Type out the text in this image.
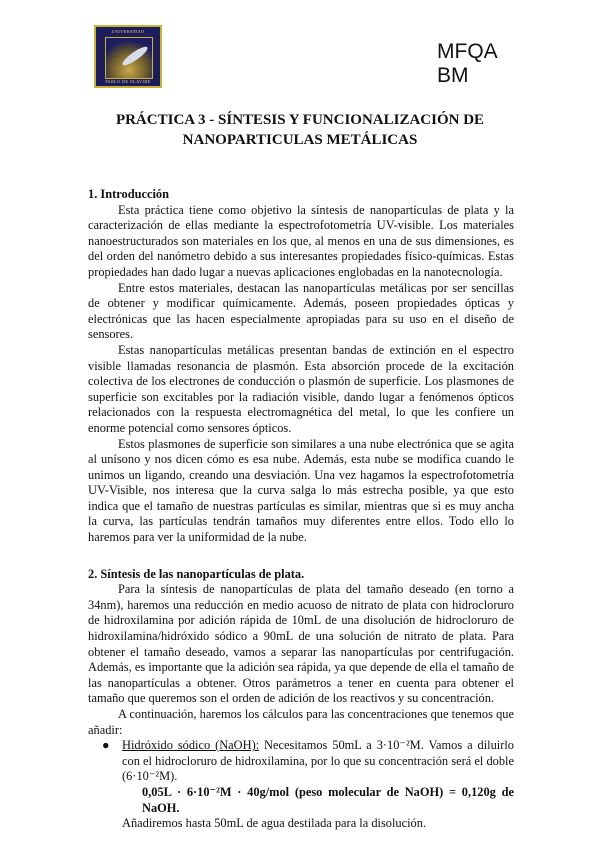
UNIVERSIDAD
PABLO DE OLAVIDE
MFQA
BM
PRÁCTICA 3 - SÍNTESIS Y FUNCIONALIZACIÓN DE
NANOPARTICULAS METÁLICAS
1. Introducción

Esta práctica tiene como objetivo la síntesis de nanopartículas de plata y la caracterización de ellas mediante la espectrofotometría UV-visible. Los materiales nanoestructurados son materiales en los que, al menos en una de sus dimensiones, es del orden del nanómetro debido a sus interesantes propiedades físico-químicas. Estas propiedades han dado lugar a nuevas aplicaciones englobadas en la nanotecnología.

Entre estos materiales, destacan las nanopartículas metálicas por ser sencillas de obtener y modificar químicamente. Además, poseen propiedades ópticas y electrónicas que las hacen especialmente apropiadas para su uso en el diseño de sensores.

Estas nanopartículas metálicas presentan bandas de extinción en el espectro visible llamadas resonancia de plasmón. Esta absorción procede de la excitación colectiva de los electrones de conducción o plasmón de superficie. Los plasmones de superficie son excitables por la radiación visible, dando lugar a fenómenos ópticos relacionados con la respuesta electromagnética del metal, lo que les confiere un enorme potencial como sensores ópticos.

Estos plasmones de superficie son similares a una nube electrónica que se agita al unísono y nos dicen cómo es esa nube. Además, esta nube se modifica cuando le unimos un ligando, creando una desviación. Una vez hagamos la espectrofotometría UV-Visible, nos interesa que la curva salga lo más estrecha posible, ya que esto indica que el tamaño de nuestras partículas es similar, mientras que si es muy ancha la curva, las partículas tendrán tamaños muy diferentes entre ellos. Todo ello lo haremos para ver la uniformidad de la nube.

2. Síntesis de las nanopartículas de plata.

Para la síntesis de nanopartículas de plata del tamaño deseado (en torno a 34nm), haremos una reducción en medio acuoso de nitrato de plata con hidrocloruro de hidroxilamina por adición rápida de 10mL de una disolución de hidrocloruro de hidroxilamina/hidróxido sódico a 90mL de una solución de nitrato de plata. Para obtener el tamaño deseado, vamos a separar las nanopartículas por centrifugación. Además, es importante que la adición sea rápida, ya que depende de ella el tamaño de las nanopartículas a obtener. Otros parámetros a tener en cuenta para obtener el tamaño que queremos son el orden de adición de los reactivos y su concentración.

A continuación, haremos los cálculos para las concentraciones que tenemos que añadir:

● Hidróxido sódico (NaOH): Necesitamos 50mL a 3·10⁻²M. Vamos a diluirlo con el hidrocloruro de hidroxilamina, por lo que su concentración será el doble (6·10⁻²M).

0,05L · 6·10⁻²M · 40g/mol (peso molecular de NaOH) = 0,120g de NaOH.

Añadiremos hasta 50mL de agua destilada para la disolución.
